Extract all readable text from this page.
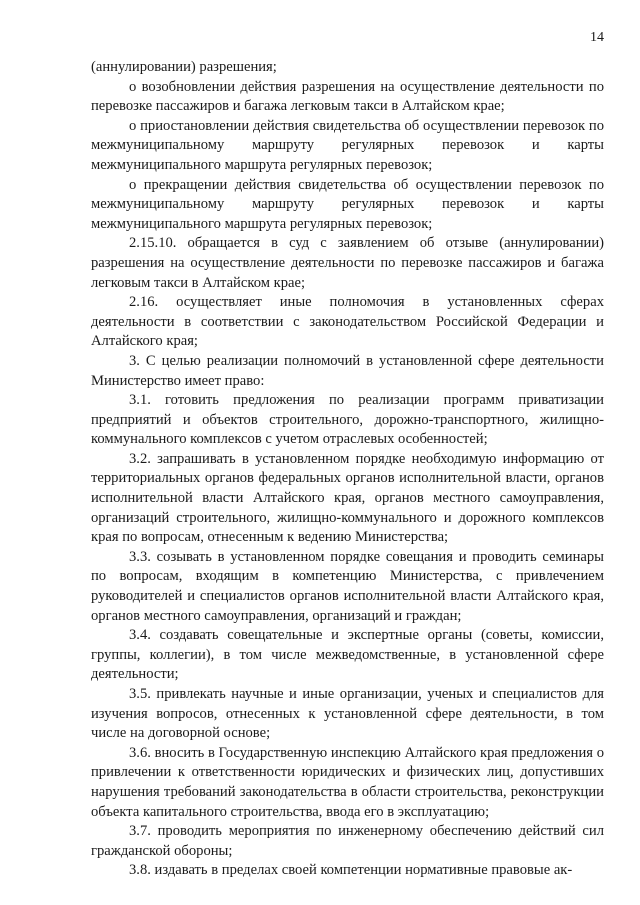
14

(аннулировании) разрешения;

о возобновлении действия разрешения на осуществление деятельности по перевозке пассажиров и багажа легковым такси в Алтайском крае;

о приостановлении действия свидетельства об осуществлении перевозок по межмуниципальному маршруту регулярных перевозок и карты межмуниципального маршрута регулярных перевозок;

о прекращении действия свидетельства об осуществлении перевозок по межмуниципальному маршруту регулярных перевозок и карты межмуниципального маршрута регулярных перевозок;

2.15.10. обращается в суд с заявлением об отзыве (аннулировании) разрешения на осуществление деятельности по перевозке пассажиров и багажа легковым такси в Алтайском крае;

2.16. осуществляет иные полномочия в установленных сферах деятельности в соответствии с законодательством Российской Федерации и Алтайского края;

3. С целью реализации полномочий в установленной сфере деятельности Министерство имеет право:

3.1. готовить предложения по реализации программ приватизации предприятий и объектов строительного, дорожно-транспортного, жилищно-коммунального комплексов с учетом отраслевых особенностей;

3.2. запрашивать в установленном порядке необходимую информацию от территориальных органов федеральных органов исполнительной власти, органов исполнительной власти Алтайского края, органов местного самоуправления, организаций строительного, жилищно-коммунального и дорожного комплексов края по вопросам, отнесенным к ведению Министерства;

3.3. созывать в установленном порядке совещания и проводить семинары по вопросам, входящим в компетенцию Министерства, с привлечением руководителей и специалистов органов исполнительной власти Алтайского края, органов местного самоуправления, организаций и граждан;

3.4. создавать совещательные и экспертные органы (советы, комиссии, группы, коллегии), в том числе межведомственные, в установленной сфере деятельности;

3.5. привлекать научные и иные организации, ученых и специалистов для изучения вопросов, отнесенных к установленной сфере деятельности, в том числе на договорной основе;

3.6. вносить в Государственную инспекцию Алтайского края предложения о привлечении к ответственности юридических и физических лиц, допустивших нарушения требований законодательства в области строительства, реконструкции объекта капитального строительства, ввода его в эксплуатацию;

3.7. проводить мероприятия по инженерному обеспечению действий сил гражданской обороны;

3.8. издавать в пределах своей компетенции нормативные правовые ак-
